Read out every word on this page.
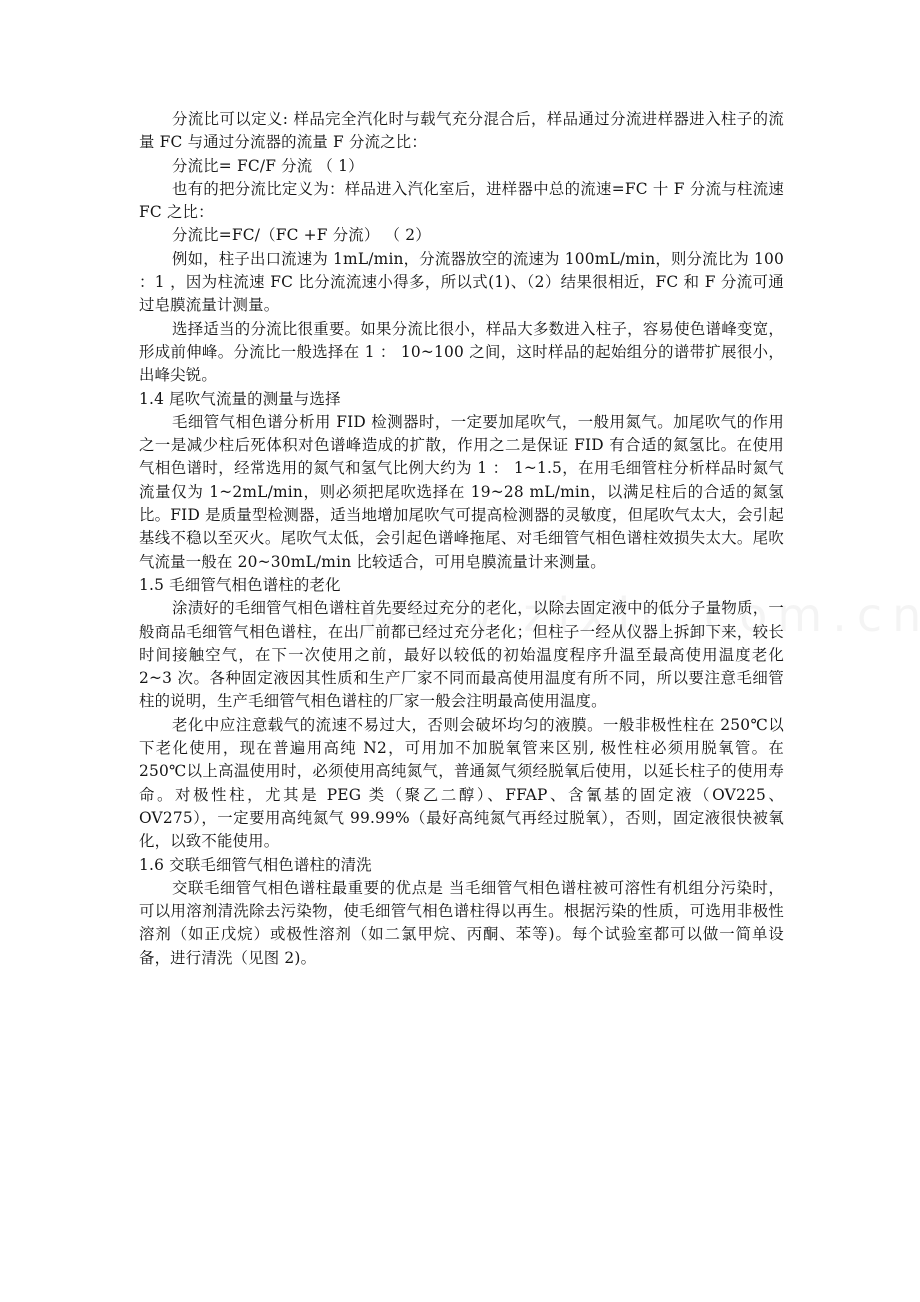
分流比可以定义: 样品完全汽化时与载气充分混合后，样品通过分流进样器进入柱子的流量 FC 与通过分流器的流量 F 分流之比：

分流比= FC/F 分流 （ 1）

也有的把分流比定义为：样品进入汽化室后，进样器中总的流速=FC 十 F 分流与柱流速 FC 之比：

分流比=FC/（FC +F 分流） （ 2）

例如，柱子出口流速为 1mL/min，分流器放空的流速为 100mL/min，则分流比为 100 ：1 ，因为柱流速 FC 比分流流速小得多，所以式(1)、（2）结果很相近，FC 和 F 分流可通过皂膜流量计测量。

选择适当的分流比很重要。如果分流比很小，样品大多数进入柱子，容易使色谱峰变宽，形成前伸峰。分流比一般选择在 1 ： 10~100 之间，这时样品的起始组分的谱带扩展很小，出峰尖锐。

1.4 尾吹气流量的测量与选择

毛细管气相色谱分析用 FID 检测器时，一定要加尾吹气，一般用氮气。加尾吹气的作用之一是减少柱后死体积对色谱峰造成的扩散，作用之二是保证 FID 有合适的氮氢比。在使用气相色谱时，经常选用的氮气和氢气比例大约为 1 ： 1~1.5，在用毛细管柱分析样品时氮气流量仅为 1~2mL/min，则必须把尾吹选择在 19~28 mL/min，以满足柱后的合适的氮氢比。FID 是质量型检测器，适当地增加尾吹气可提高检测器的灵敏度，但尾吹气太大，会引起基线不稳以至灭火。尾吹气太低，会引起色谱峰拖尾、对毛细管气相色谱柱效损失太大。尾吹气流量一般在 20~30mL/min 比较适合，可用皂膜流量计来测量。

1.5 毛细管气相色谱柱的老化

涂渍好的毛细管气相色谱柱首先要经过充分的老化，以除去固定液中的低分子量物质，一般商品毛细管气相色谱柱，在出厂前都已经过充分老化；但柱子一经从仪器上拆卸下来，较长时间接触空气，在下一次使用之前，最好以较低的初始温度程序升温至最高使用温度老化 2~3 次。各种固定液因其性质和生产厂家不同而最高使用温度有所不同，所以要注意毛细管柱的说明，生产毛细管气相色谱柱的厂家一般会注明最高使用温度。

老化中应注意载气的流速不易过大，否则会破坏均匀的液膜。一般非极性柱在 250℃以下老化使用，现在普遍用高纯 N2，可用加不加脱氧管来区别, 极性柱必须用脱氧管。在 250℃以上高温使用时，必须使用高纯氮气，普通氮气须经脱氧后使用，以延长柱子的使用寿命。对极性柱，尤其是 PEG 类（聚乙二醇）、FFAP、含氰基的固定液（OV225、OV275），一定要用高纯氮气 99.99%（最好高纯氮气再经过脱氧），否则，固定液很快被氧化，以致不能使用。

1.6 交联毛细管气相色谱柱的清洗

交联毛细管气相色谱柱最重要的优点是 当毛细管气相色谱柱被可溶性有机组分污染时，可以用溶剂清洗除去污染物，使毛细管气相色谱柱得以再生。根据污染的性质，可选用非极性溶剂（如正戊烷）或极性溶剂（如二氯甲烷、丙酮、苯等)。每个试验室都可以做一简单设备，进行清洗（见图 2)。
